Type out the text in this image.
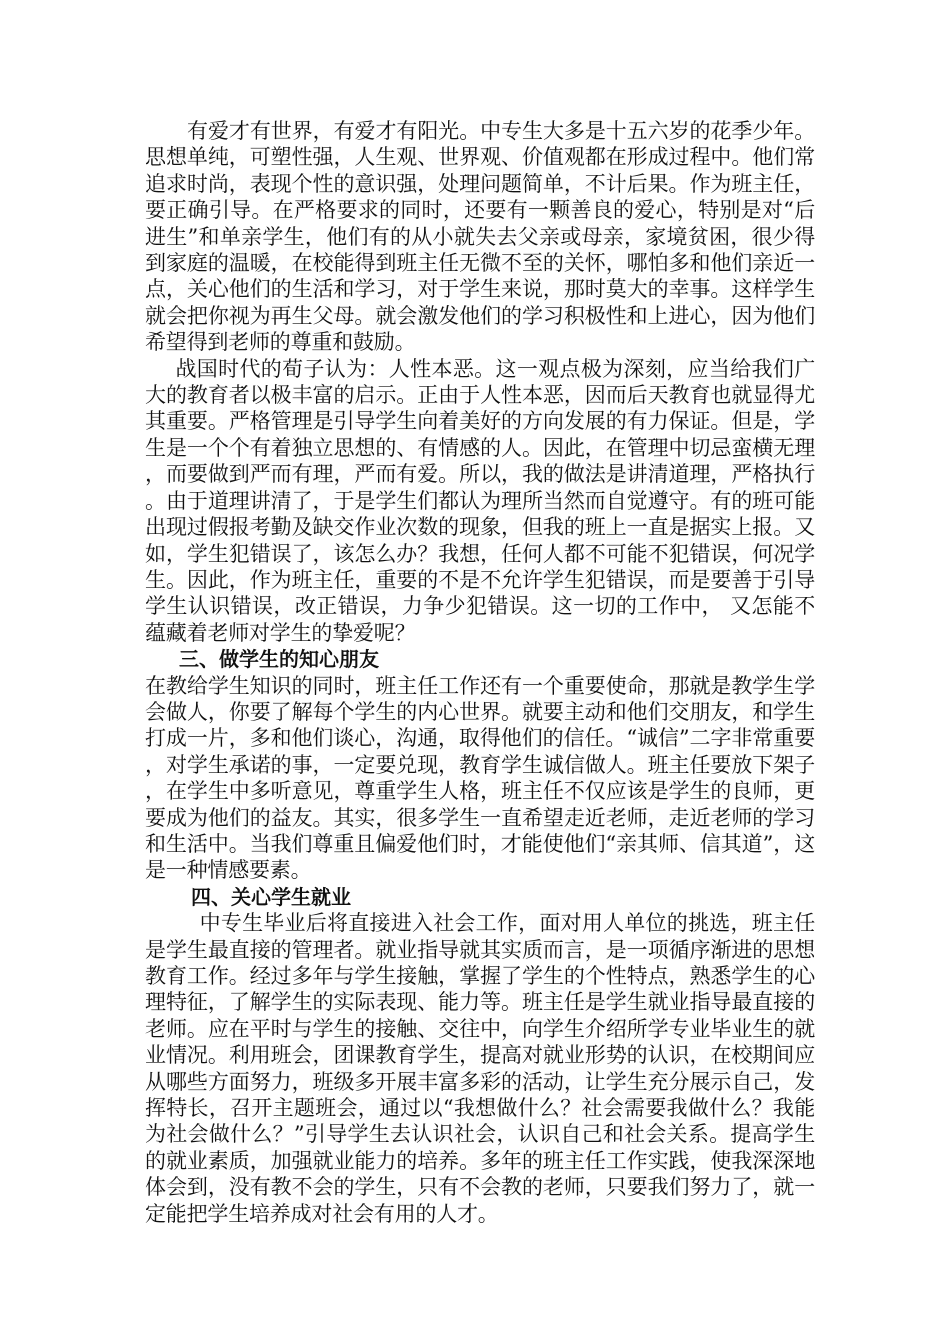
有爱才有世界，有爱才有阳光。中专生大多是十五六岁的花季少年。思想单纯，可塑性强，人生观、世界观、价值观都在形成过程中。他们常追求时尚，表现个性的意识强，处理问题简单，不计后果。作为班主任，要正确引导。在严格要求的同时，还要有一颗善良的爱心，特别是对“后进生”和单亲学生，他们有的从小就失去父亲或母亲，家境贫困，很少得到家庭的温暖，在校能得到班主任无微不至的关怀，哪怕多和他们亲近一点，关心他们的生活和学习，对于学生来说，那时莫大的幸事。这样学生就会把你视为再生父母。就会激发他们的学习积极性和上进心，因为他们希望得到老师的尊重和鼓励。

战国时代的荀子认为：人性本恶。这一观点极为深刻，应当给我们广大的教育者以极丰富的启示。正由于人性本恶，因而后天教育也就显得尤其重要。严格管理是引导学生向着美好的方向发展的有力保证。但是，学生是一个个有着独立思想的、有情感的人。因此，在管理中切忌蛮横无理，而要做到严而有理，严而有爱。所以，我的做法是讲清道理，严格执行。由于道理讲清了，于是学生们都认为理所当然而自觉遵守。有的班可能出现过假报考勤及缺交作业次数的现象，但我的班上一直是据实上报。又如，学生犯错误了，该怎么办？我想，任何人都不可能不犯错误，何况学生。因此，作为班主任，重要的不是不允许学生犯错误，而是要善于引导学生认识错误，改正错误，力争少犯错误。这一切的工作中， 又怎能不蕴藏着老师对学生的挚爱呢？

三、做学生的知心朋友

在教给学生知识的同时，班主任工作还有一个重要使命，那就是教学生学会做人，你要了解每个学生的内心世界。就要主动和他们交朋友，和学生打成一片，多和他们谈心，沟通，取得他们的信任。“诚信”二字非常重要，对学生承诺的事，一定要兑现，教育学生诚信做人。班主任要放下架子，在学生中多听意见，尊重学生人格，班主任不仅应该是学生的良师，更要成为他们的益友。其实，很多学生一直希望走近老师，走近老师的学习和生活中。当我们尊重且偏爱他们时，才能使他们“亲其师、信其道”，这是一种情感要素。

四、关心学生就业

中专生毕业后将直接进入社会工作，面对用人单位的挑选，班主任是学生最直接的管理者。就业指导就其实质而言，是一项循序渐进的思想教育工作。经过多年与学生接触，掌握了学生的个性特点，熟悉学生的心理特征，了解学生的实际表现、能力等。班主任是学生就业指导最直接的老师。应在平时与学生的接触、交往中，向学生介绍所学专业毕业生的就业情况。利用班会，团课教育学生，提高对就业形势的认识，在校期间应从哪些方面努力，班级多开展丰富多彩的活动，让学生充分展示自己，发挥特长，召开主题班会，通过以“我想做什么？社会需要我做什么？我能为社会做什么？”引导学生去认识社会，认识自己和社会关系。提高学生的就业素质，加强就业能力的培养。多年的班主任工作实践，使我深深地体会到，没有教不会的学生，只有不会教的老师，只要我们努力了，就一定能把学生培养成对社会有用的人才。
